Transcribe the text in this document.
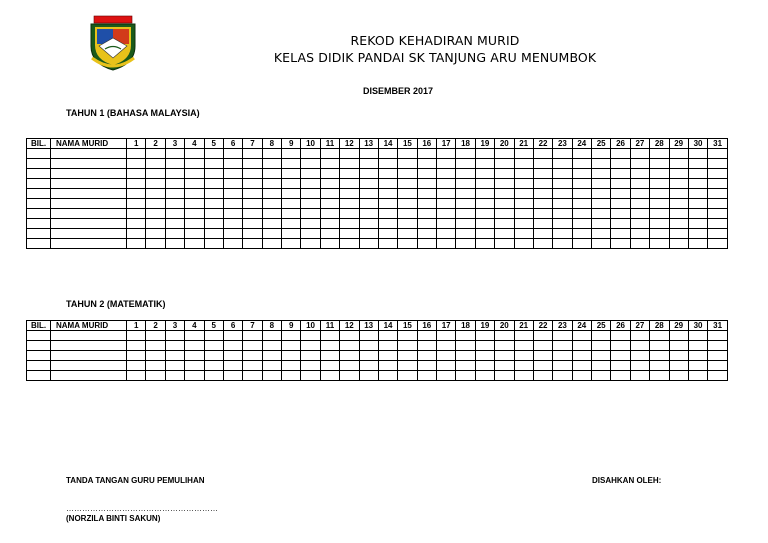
REKOD KEHADIRAN MURID
KELAS DIDIK PANDAI SK TANJUNG ARU MENUMBOK
DISEMBER 2017
TAHUN 1 (BAHASA MALAYSIA)
BIL.	NAMA MURID	1	2	3	4	5	6	7	8	9	10	11	12	13	14	15	16	17	18	19	20	21	22	23	24	25	26	27	28	29	30	31

TAHUN 2 (MATEMATIK)
BIL.	NAMA MURID	1	2	3	4	5	6	7	8	9	10	11	12	13	14	15	16	17	18	19	20	21	22	23	24	25	26	27	28	29	30	31

TANDA TANGAN GURU PEMULIHAN	DISAHKAN OLEH:
…………………………………………………
(NORZILA BINTI SAKUN)
